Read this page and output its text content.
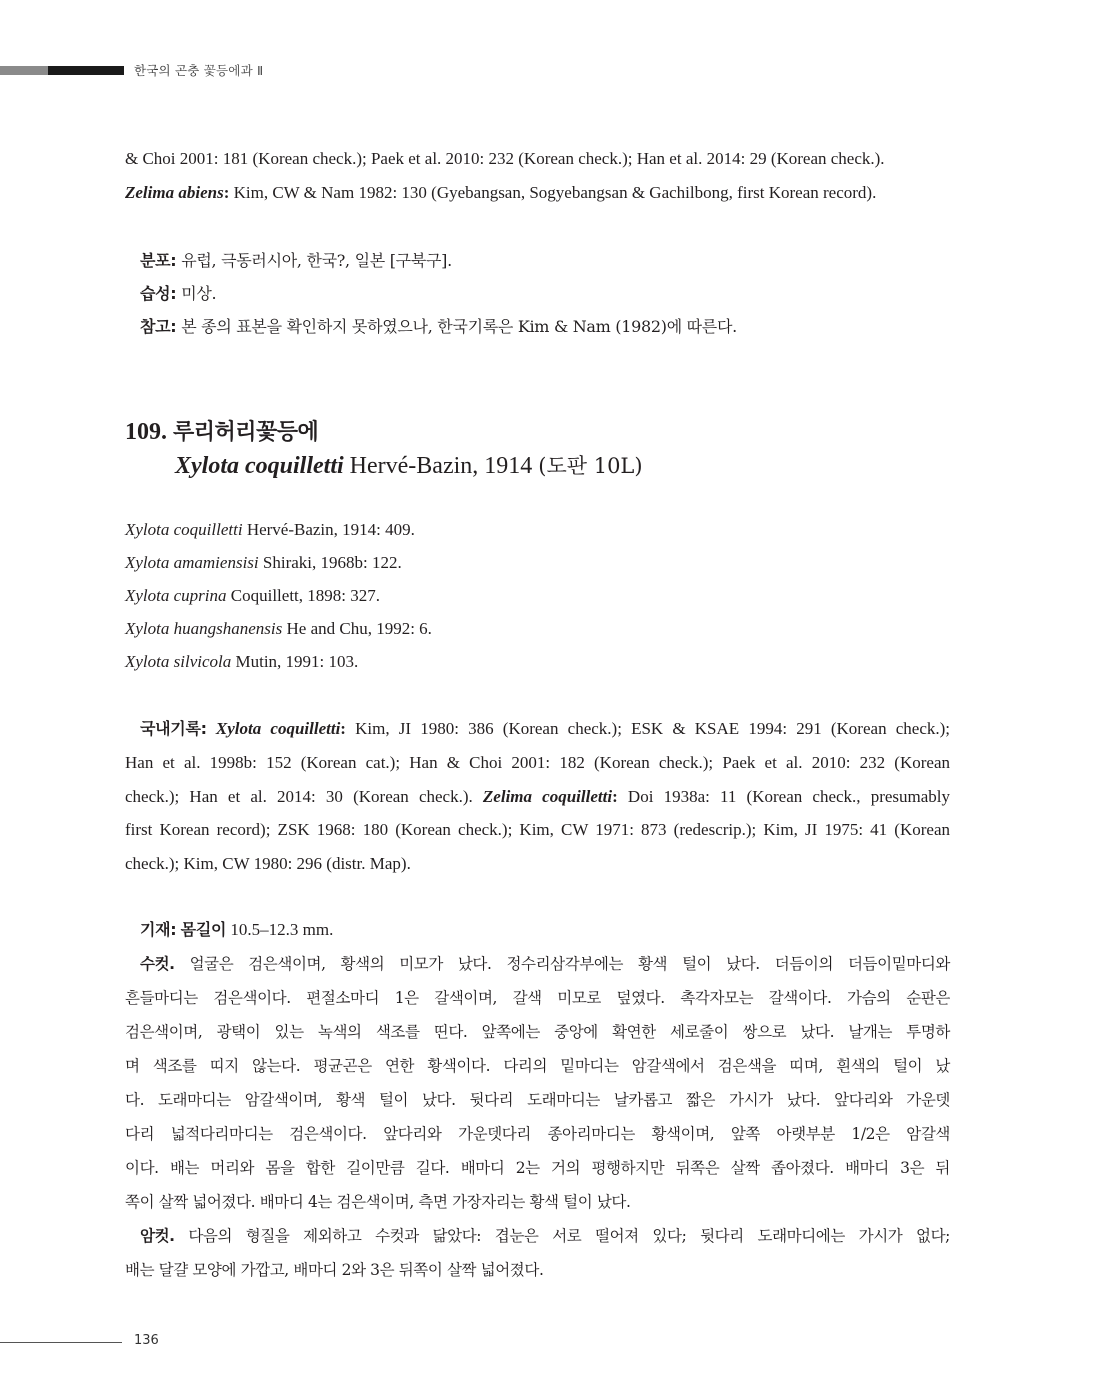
한국의 곤충 꽃등에과 Ⅱ
& Choi 2001: 181 (Korean check.); Paek et al. 2010: 232 (Korean check.); Han et al. 2014: 29 (Korean check.).
Zelima abiens: Kim, CW & Nam 1982: 130 (Gyebangsan, Sogyebangsan & Gachilbong, first Korean record).
분포: 유럽, 극동러시아, 한국?, 일본 [구북구].
습성: 미상.
참고: 본 종의 표본을 확인하지 못하였으나, 한국기록은 Kim & Nam (1982)에 따른다.
109. 루리허리꽃등에
Xylota coquilletti Hervé-Bazin, 1914 (도판 10L)
Xylota coquilletti Hervé-Bazin, 1914: 409.
Xylota amamiensisi Shiraki, 1968b: 122.
Xylota cuprina Coquillett, 1898: 327.
Xylota huangshanensis He and Chu, 1992: 6.
Xylota silvicola Mutin, 1991: 103.
국내기록: Xylota coquilletti: Kim, JI 1980: 386 (Korean check.); ESK & KSAE 1994: 291 (Korean check.);
Han et al. 1998b: 152 (Korean cat.); Han & Choi 2001: 182 (Korean check.); Paek et al. 2010: 232 (Korean
check.); Han et al. 2014: 30 (Korean check.). Zelima coquilletti: Doi 1938a: 11 (Korean check., presumably
first Korean record); ZSK 1968: 180 (Korean check.); Kim, CW 1971: 873 (redescrip.); Kim, JI 1975: 41 (Korean
check.); Kim, CW 1980: 296 (distr. Map).
기재: 몸길이 10.5–12.3 mm.
수컷. 얼굴은 검은색이며, 황색의 미모가 났다. 정수리삼각부에는 황색 털이 났다. 더듬이의 더듬이밑마디와
흔들마디는 검은색이다. 편절소마디 1은 갈색이며, 갈색 미모로 덮였다. 촉각자모는 갈색이다. 가슴의 순판은
검은색이며, 광택이 있는 녹색의 색조를 띤다. 앞쪽에는 중앙에 확연한 세로줄이 쌍으로 났다. 날개는 투명하
며 색조를 띠지 않는다. 평균곤은 연한 황색이다. 다리의 밑마디는 암갈색에서 검은색을 띠며, 흰색의 털이 났
다. 도래마디는 암갈색이며, 황색 털이 났다. 뒷다리 도래마디는 날카롭고 짧은 가시가 났다. 앞다리와 가운뎃
다리 넓적다리마디는 검은색이다. 앞다리와 가운뎃다리 종아리마디는 황색이며, 앞쪽 아랫부분 1/2은 암갈색
이다. 배는 머리와 몸을 합한 길이만큼 길다. 배마디 2는 거의 평행하지만 뒤쪽은 살짝 좁아졌다. 배마디 3은 뒤
쪽이 살짝 넓어졌다. 배마디 4는 검은색이며, 측면 가장자리는 황색 털이 났다.
암컷. 다음의 형질을 제외하고 수컷과 닮았다: 겹눈은 서로 떨어져 있다; 뒷다리 도래마디에는 가시가 없다;
배는 달걀 모양에 가깝고, 배마디 2와 3은 뒤쪽이 살짝 넓어졌다.
136
